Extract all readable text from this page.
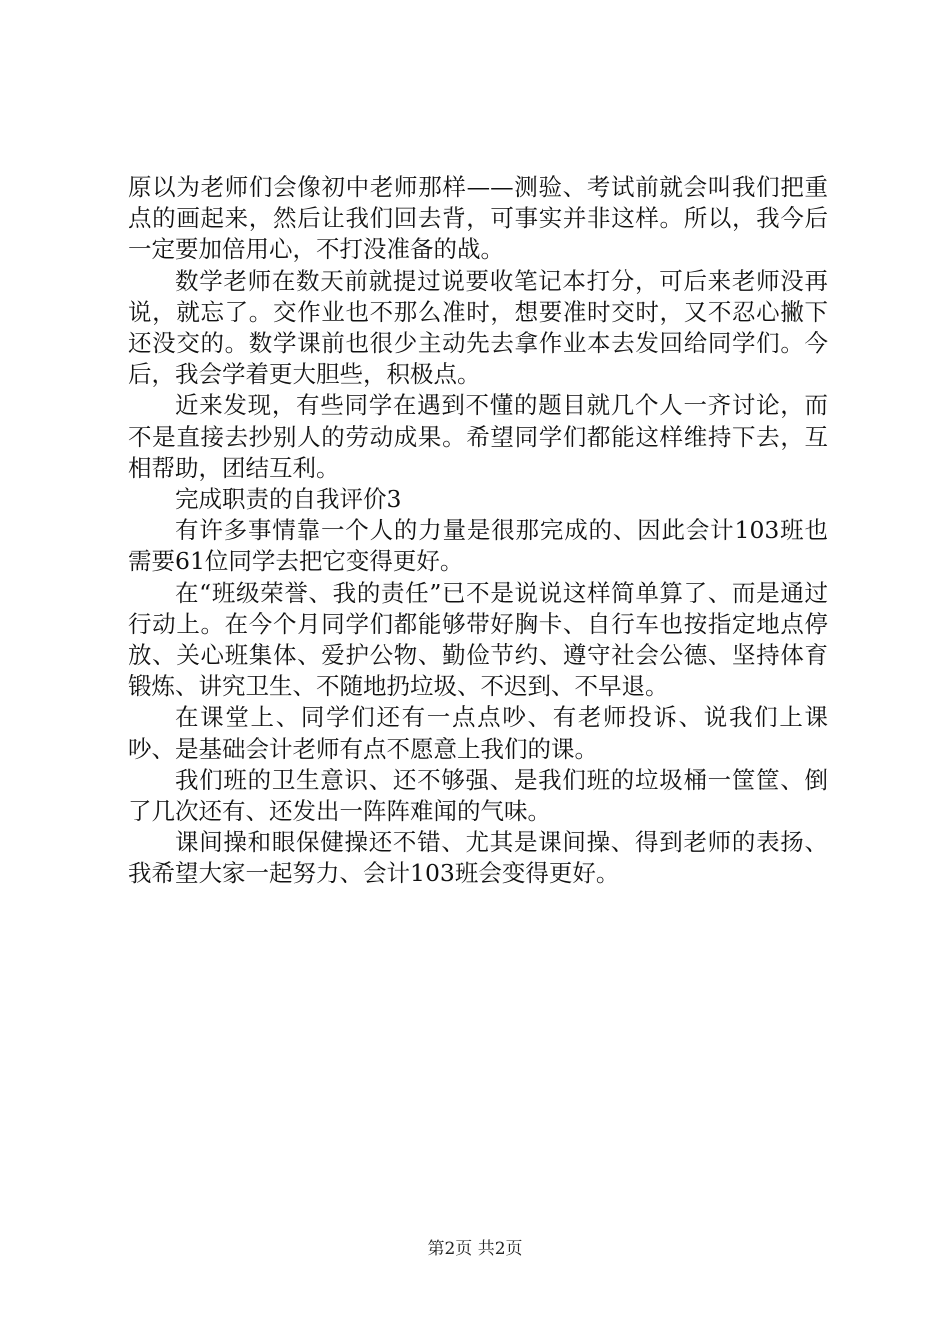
原以为老师们会像初中老师那样——测验、考试前就会叫我们把重点的画起来，然后让我们回去背，可事实并非这样。所以，我今后一定要加倍用心，不打没准备的战。

数学老师在数天前就提过说要收笔记本打分，可后来老师没再说，就忘了。交作业也不那么准时，想要准时交时，又不忍心撇下还没交的。数学课前也很少主动先去拿作业本去发回给同学们。今后，我会学着更大胆些，积极点。

近来发现，有些同学在遇到不懂的题目就几个人一齐讨论，而不是直接去抄别人的劳动成果。希望同学们都能这样维持下去，互相帮助，团结互利。

完成职责的自我评价3

有许多事情靠一个人的力量是很那完成的、因此会计103班也需要61位同学去把它变得更好。

在“班级荣誉、我的责任”已不是说说这样简单算了、而是通过行动上。在今个月同学们都能够带好胸卡、自行车也按指定地点停放、关心班集体、爱护公物、勤俭节约、遵守社会公德、坚持体育锻炼、讲究卫生、不随地扔垃圾、不迟到、不早退。

在课堂上、同学们还有一点点吵、有老师投诉、说我们上课吵、是基础会计老师有点不愿意上我们的课。

我们班的卫生意识、还不够强、是我们班的垃圾桶一筐筐、倒了几次还有、还发出一阵阵难闻的气味。

课间操和眼保健操还不错、尤其是课间操、得到老师的表扬、我希望大家一起努力、会计103班会变得更好。

第2页 共2页
